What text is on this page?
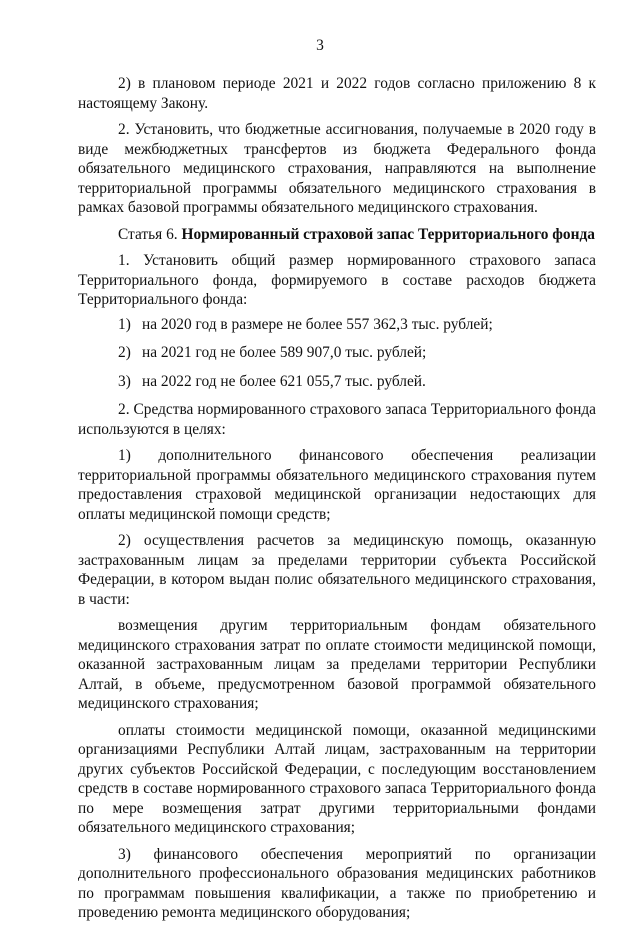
3

2) в плановом периоде 2021 и 2022 годов согласно приложению 8 к настоящему Закону.

2. Установить, что бюджетные ассигнования, получаемые в 2020 году в виде межбюджетных трансфертов из бюджета Федерального фонда обязательного медицинского страхования, направляются на выполнение территориальной программы обязательного медицинского страхования в рамках базовой программы обязательного медицинского страхования.

Статья 6. Нормированный страховой запас Территориального фонда

1. Установить общий размер нормированного страхового запаса Территориального фонда, формируемого в составе расходов бюджета Территориального фонда:

1) на 2020 год в размере не более 557 362,3 тыс. рублей;
2) на 2021 год не более 589 907,0 тыс. рублей;
3) на 2022 год не более 621 055,7 тыс. рублей.

2. Средства нормированного страхового запаса Территориального фонда используются в целях:

1) дополнительного финансового обеспечения реализации территориальной программы обязательного медицинского страхования путем предоставления страховой медицинской организации недостающих для оплаты медицинской помощи средств;

2) осуществления расчетов за медицинскую помощь, оказанную застрахованным лицам за пределами территории субъекта Российской Федерации, в котором выдан полис обязательного медицинского страхования, в части:

возмещения другим территориальным фондам обязательного медицинского страхования затрат по оплате стоимости медицинской помощи, оказанной застрахованным лицам за пределами территории Республики Алтай, в объеме, предусмотренном базовой программой обязательного медицинского страхования;

оплаты стоимости медицинской помощи, оказанной медицинскими организациями Республики Алтай лицам, застрахованным на территории других субъектов Российской Федерации, с последующим восстановлением средств в составе нормированного страхового запаса Территориального фонда по мере возмещения затрат другими территориальными фондами обязательного медицинского страхования;

3) финансового обеспечения мероприятий по организации дополнительного профессионального образования медицинских работников по программам повышения квалификации, а также по приобретению и проведению ремонта медицинского оборудования;
